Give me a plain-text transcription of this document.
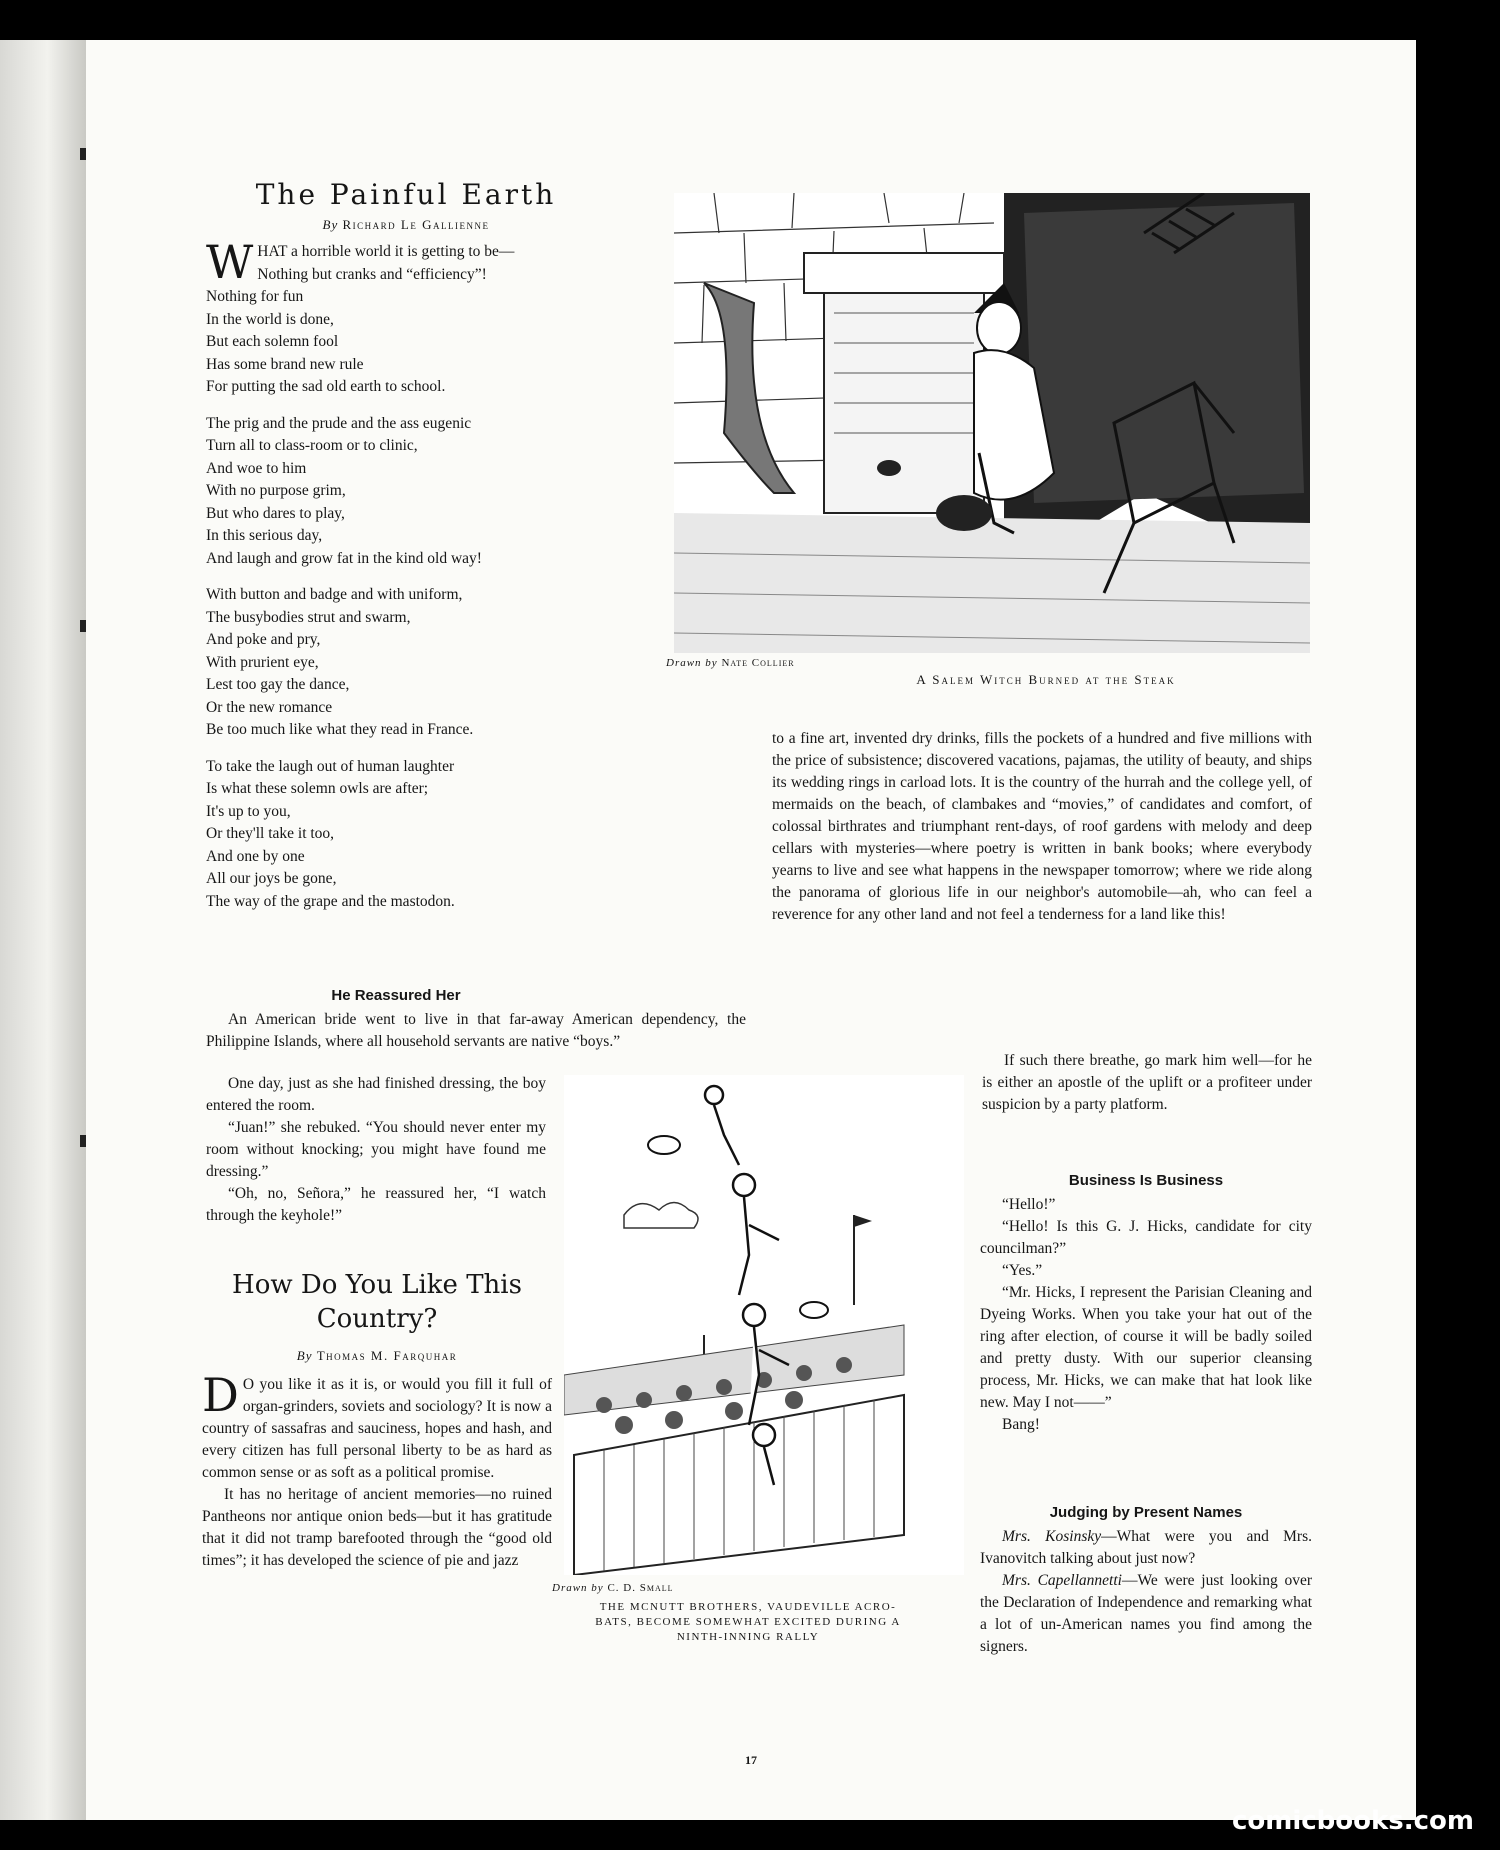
The Painful Earth
By Richard Le Gallienne
W HAT a horrible world it is getting to be—
Nothing but cranks and “efficiency”!
Nothing for fun
In the world is done,
But each solemn fool
Has some brand new rule
For putting the sad old earth to school.
The prig and the prude and the ass eugenic
Turn all to class-room or to clinic,
And woe to him
With no purpose grim,
But who dares to play,
In this serious day,
And laugh and grow fat in the kind old way!
With button and badge and with uniform,
The busybodies strut and swarm,
And poke and pry,
With prurient eye,
Lest too gay the dance,
Or the new romance
Be too much like what they read in France.
To take the laugh out of human laughter
Is what these solemn owls are after;
It's up to you,
Or they'll take it too,
And one by one
All our joys be gone,
The way of the grape and the mastodon.
Drawn by Nate Collier
A Salem Witch Burned at the Steak
He Reassured Her

An American bride went to live in that far-away American dependency, the Philippine Islands, where all household servants are native “boys.”

One day, just as she had finished dressing, the boy entered the room.

“Juan!” she rebuked. “You should never enter my room without knocking; you might have found me dressing.”

“Oh, no, Señora,” he reassured her, “I watch through the keyhole!”

How Do You Like This
Country?
By Thomas M. Farquhar

D O you like it as it is, or would you fill it full of organ-grinders, soviets and sociology? It is now a country of sassafras and sauciness, hopes and hash, and every citizen has full personal liberty to be as hard as common sense or as soft as a political promise.

It has no heritage of ancient memories—no ruined Pantheons nor antique onion beds—but it has gratitude that it did not tramp barefooted through the “good old times”; it has developed the science of pie and jazz

to a fine art, invented dry drinks, fills the pockets of a hundred and five millions with the price of subsistence; discovered vacations, pajamas, the utility of beauty, and ships its wedding rings in carload lots. It is the country of the hurrah and the college yell, of mermaids on the beach, of clambakes and “movies,” of candidates and comfort, of colossal birthrates and triumphant rent-days, of roof gardens with melody and deep cellars with mysteries—where poetry is written in bank books; where everybody yearns to live and see what happens in the newspaper tomorrow; where we ride along the panorama of glorious life in our neighbor's automobile—ah, who can feel a reverence for any other land and not feel a tenderness for a land like this!

If such there breathe, go mark him well—for he is either an apostle of the uplift or a profiteer under suspicion by a party platform.

Drawn by C. D. Small
THE MCNUTT BROTHERS, VAUDEVILLE ACRO-
BATS, BECOME SOMEWHAT EXCITED DURING A
NINTH-INNING RALLY
Business Is Business

“Hello!”

“Hello! Is this G. J. Hicks, candidate for city councilman?”

“Yes.”

“Mr. Hicks, I represent the Parisian Cleaning and Dyeing Works. When you take your hat out of the ring after election, of course it will be badly soiled and pretty dusty. With our superior cleansing process, Mr. Hicks, we can make that hat look like new. May I not——”

Bang!

Judging by Present Names

Mrs. Kosinsky—What were you and Mrs. Ivanovitch talking about just now?

Mrs. Capellannetti—We were just looking over the Declaration of Independence and remarking what a lot of un-American names you find among the signers.

17
comicbooks.com
